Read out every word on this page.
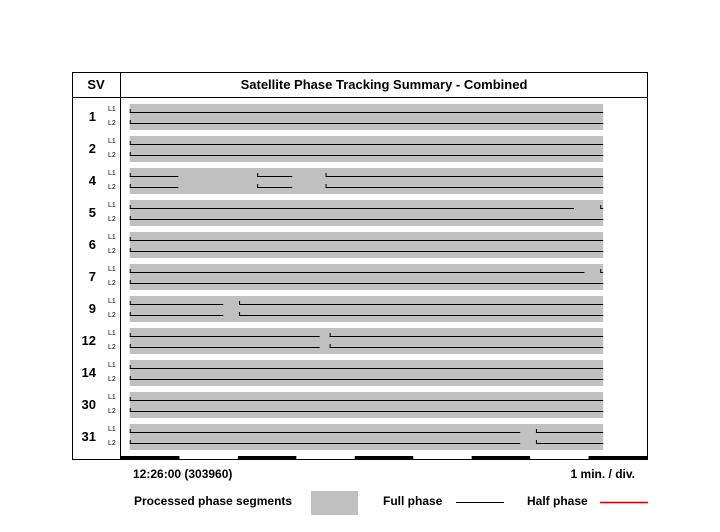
SV	Satellite Phase Tracking Summary - Combined
1 L1
L2
2 L1
L2
4 L1
L2
5 L1
L2
6 L1
L2
7 L1
L2
9 L1
L2
12 L1
L2
14 L1
L2
30 L1
L2
31 L1
L2
12:26:00 (303960)	1 min. / div.
Processed phase segments	Full phase	Half phase
